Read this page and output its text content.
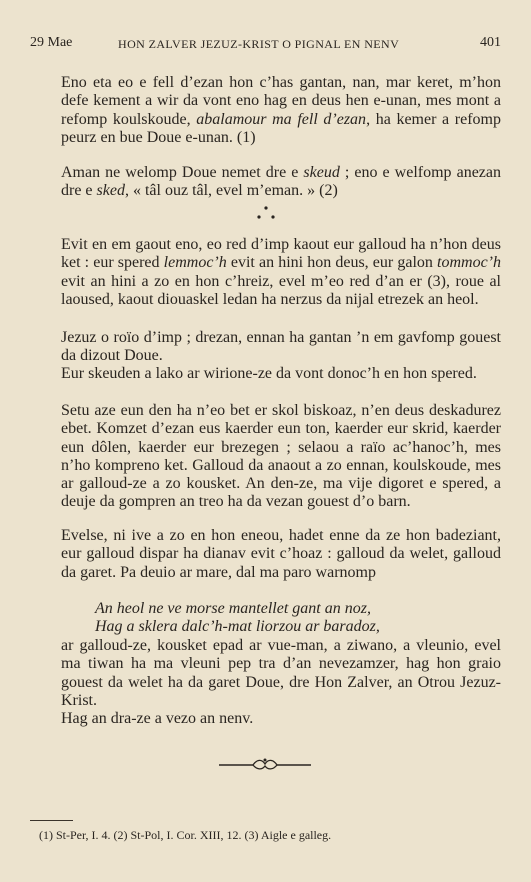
29 Mae	HON ZALVER JEZUZ-KRIST O PIGNAL EN NENV	401

Eno eta eo e fell d’ezan hon c’has gantan, nan, mar keret, m’hon defe kement a wir da vont eno hag en deus hen e-unan, mes mont a refomp koulskoude, abalamour ma fell d’ezan, ha kemer a refomp peurz en bue Doue e-unan. (1)

Aman ne welomp Doue nemet dre e skeud ; eno e welfomp anezan dre e sked, « tâl ouz tâl, evel m’eman. » (2)

Evit en em gaout eno, eo red d’imp kaout eur galloud ha n’hon deus ket : eur spered lemmoc’h evit an hini hon deus, eur galon tommoc’h evit an hini a zo en hon c’hreiz, evel m’eo red d’an er (3), roue al laoused, kaout diouaskel ledan ha nerzus da nijal etrezek an heol.

Jezuz o roïo d’imp ; drezan, ennan ha gantan ’n em gavfomp gouest da dizout Doue.

Eur skeuden a lako ar wirione-ze da vont donoc’h en hon spered.

Setu aze eun den ha n’eo bet er skol biskoaz, n’en deus deskadurez ebet. Komzet d’ezan eus kaerder eun ton, kaerder eur skrid, kaerder eun dôlen, kaerder eur brezegen ; selaou a raïo ac’hanoc’h, mes n’ho kompreno ket. Galloud da anaout a zo ennan, koulskoude, mes ar galloud-ze a zo kousket. An den-ze, ma vije digoret e spered, a deuje da gompren an treo ha da vezan gouest d’o barn.

Evelse, ni ive a zo en hon eneou, hadet enne da ze hon badeziant, eur galloud dispar ha dianav evit c’hoaz : galloud da welet, galloud da garet. Pa deuio ar mare, dal ma paro warnomp

An heol ne ve morse mantellet gant an noz,
Hag a sklera dalc’h-mat liorzou ar baradoz,

ar galloud-ze, kousket epad ar vue-man, a ziwano, a vleunio, evel ma tiwan ha ma vleuni pep tra d’an nevezamzer, hag hon graio gouest da welet ha da garet Doue, dre Hon Zalver, an Otrou Jezuz-Krist.

Hag an dra-ze a vezo an nenv.

(1) St-Per, I. 4. (2) St-Pol, I. Cor. XIII, 12. (3) Aigle e galleg.
